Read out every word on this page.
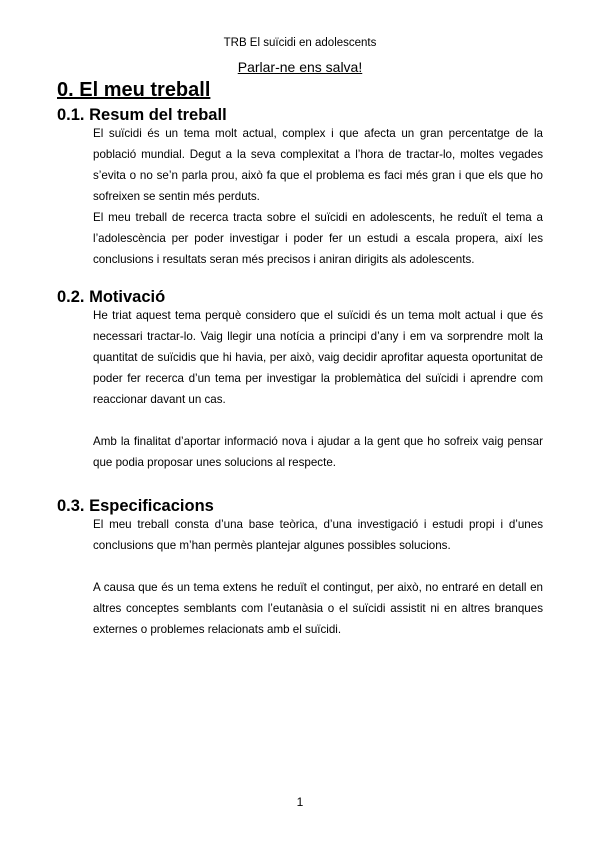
TRB El suïcidi en adolescents
Parlar-ne ens salva!
0. El meu treball
0.1. Resum del treball

El suïcidi és un tema molt actual, complex i que afecta un gran percentatge de la població mundial. Degut a la seva complexitat a l’hora de tractar-lo, moltes vegades s’evita o no se’n parla prou, això fa que el problema es faci més gran i que els que ho sofreixen se sentin més perduts.

El meu treball de recerca tracta sobre el suïcidi en adolescents, he reduït el tema a l’adolescència per poder investigar i poder fer un estudi a escala propera, així les conclusions i resultats seran més precisos i aniran dirigits als adolescents.

0.2. Motivació

He triat aquest tema perquè considero que el suïcidi és un tema molt actual i que és necessari tractar-lo. Vaig llegir una notícia a principi d’any i em va sorprendre molt la quantitat de suïcidis que hi havia, per això, vaig decidir aprofitar aquesta oportunitat de poder fer recerca d’un tema per investigar la problemàtica del suïcidi i aprendre com reaccionar davant un cas.

Amb la finalitat d’aportar informació nova i ajudar a la gent que ho sofreix vaig pensar que podia proposar unes solucions al respecte.

0.3. Especificacions

El meu treball consta d’una base teòrica, d’una investigació i estudi propi i d’unes conclusions que m’han permès plantejar algunes possibles solucions.

A causa que és un tema extens he reduït el contingut, per això, no entraré en detall en altres conceptes semblants com l’eutanàsia o el suïcidi assistit ni en altres branques externes o problemes relacionats amb el suïcidi.

1
